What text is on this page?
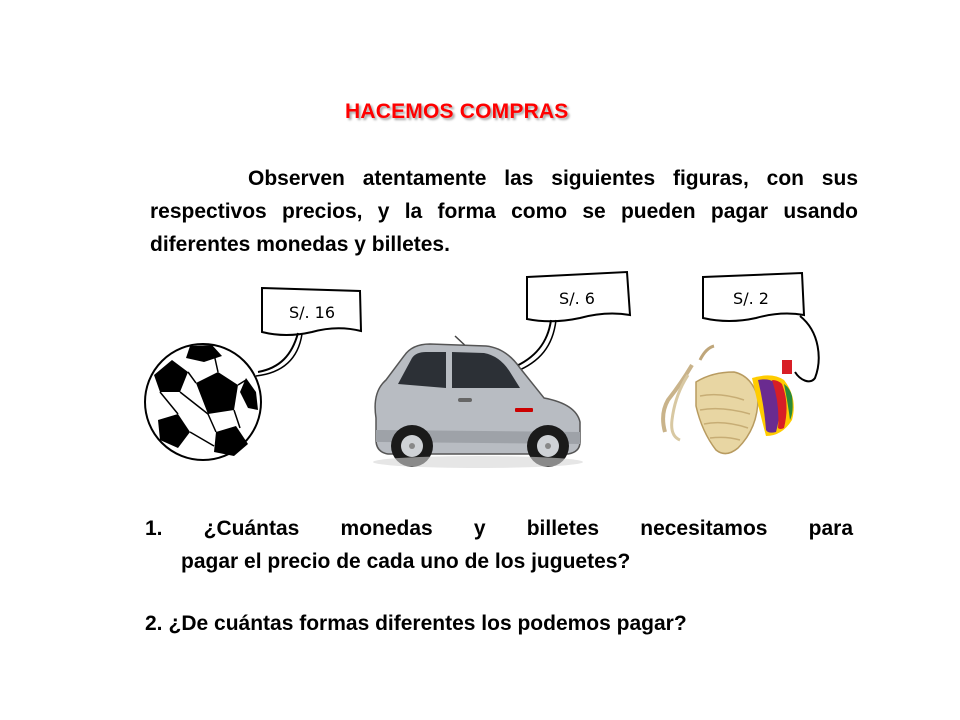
HACEMOS COMPRAS

Observen atentamente las siguientes figuras, con sus respectivos precios, y la forma como se pueden pagar usando diferentes monedas y billetes.

S/. 16
S/. 6	S/. 2
1. ¿Cuántas monedas y billetes necesitamos para
pagar el precio de cada uno de los juguetes?

2. ¿De cuántas formas diferentes los podemos pagar?
